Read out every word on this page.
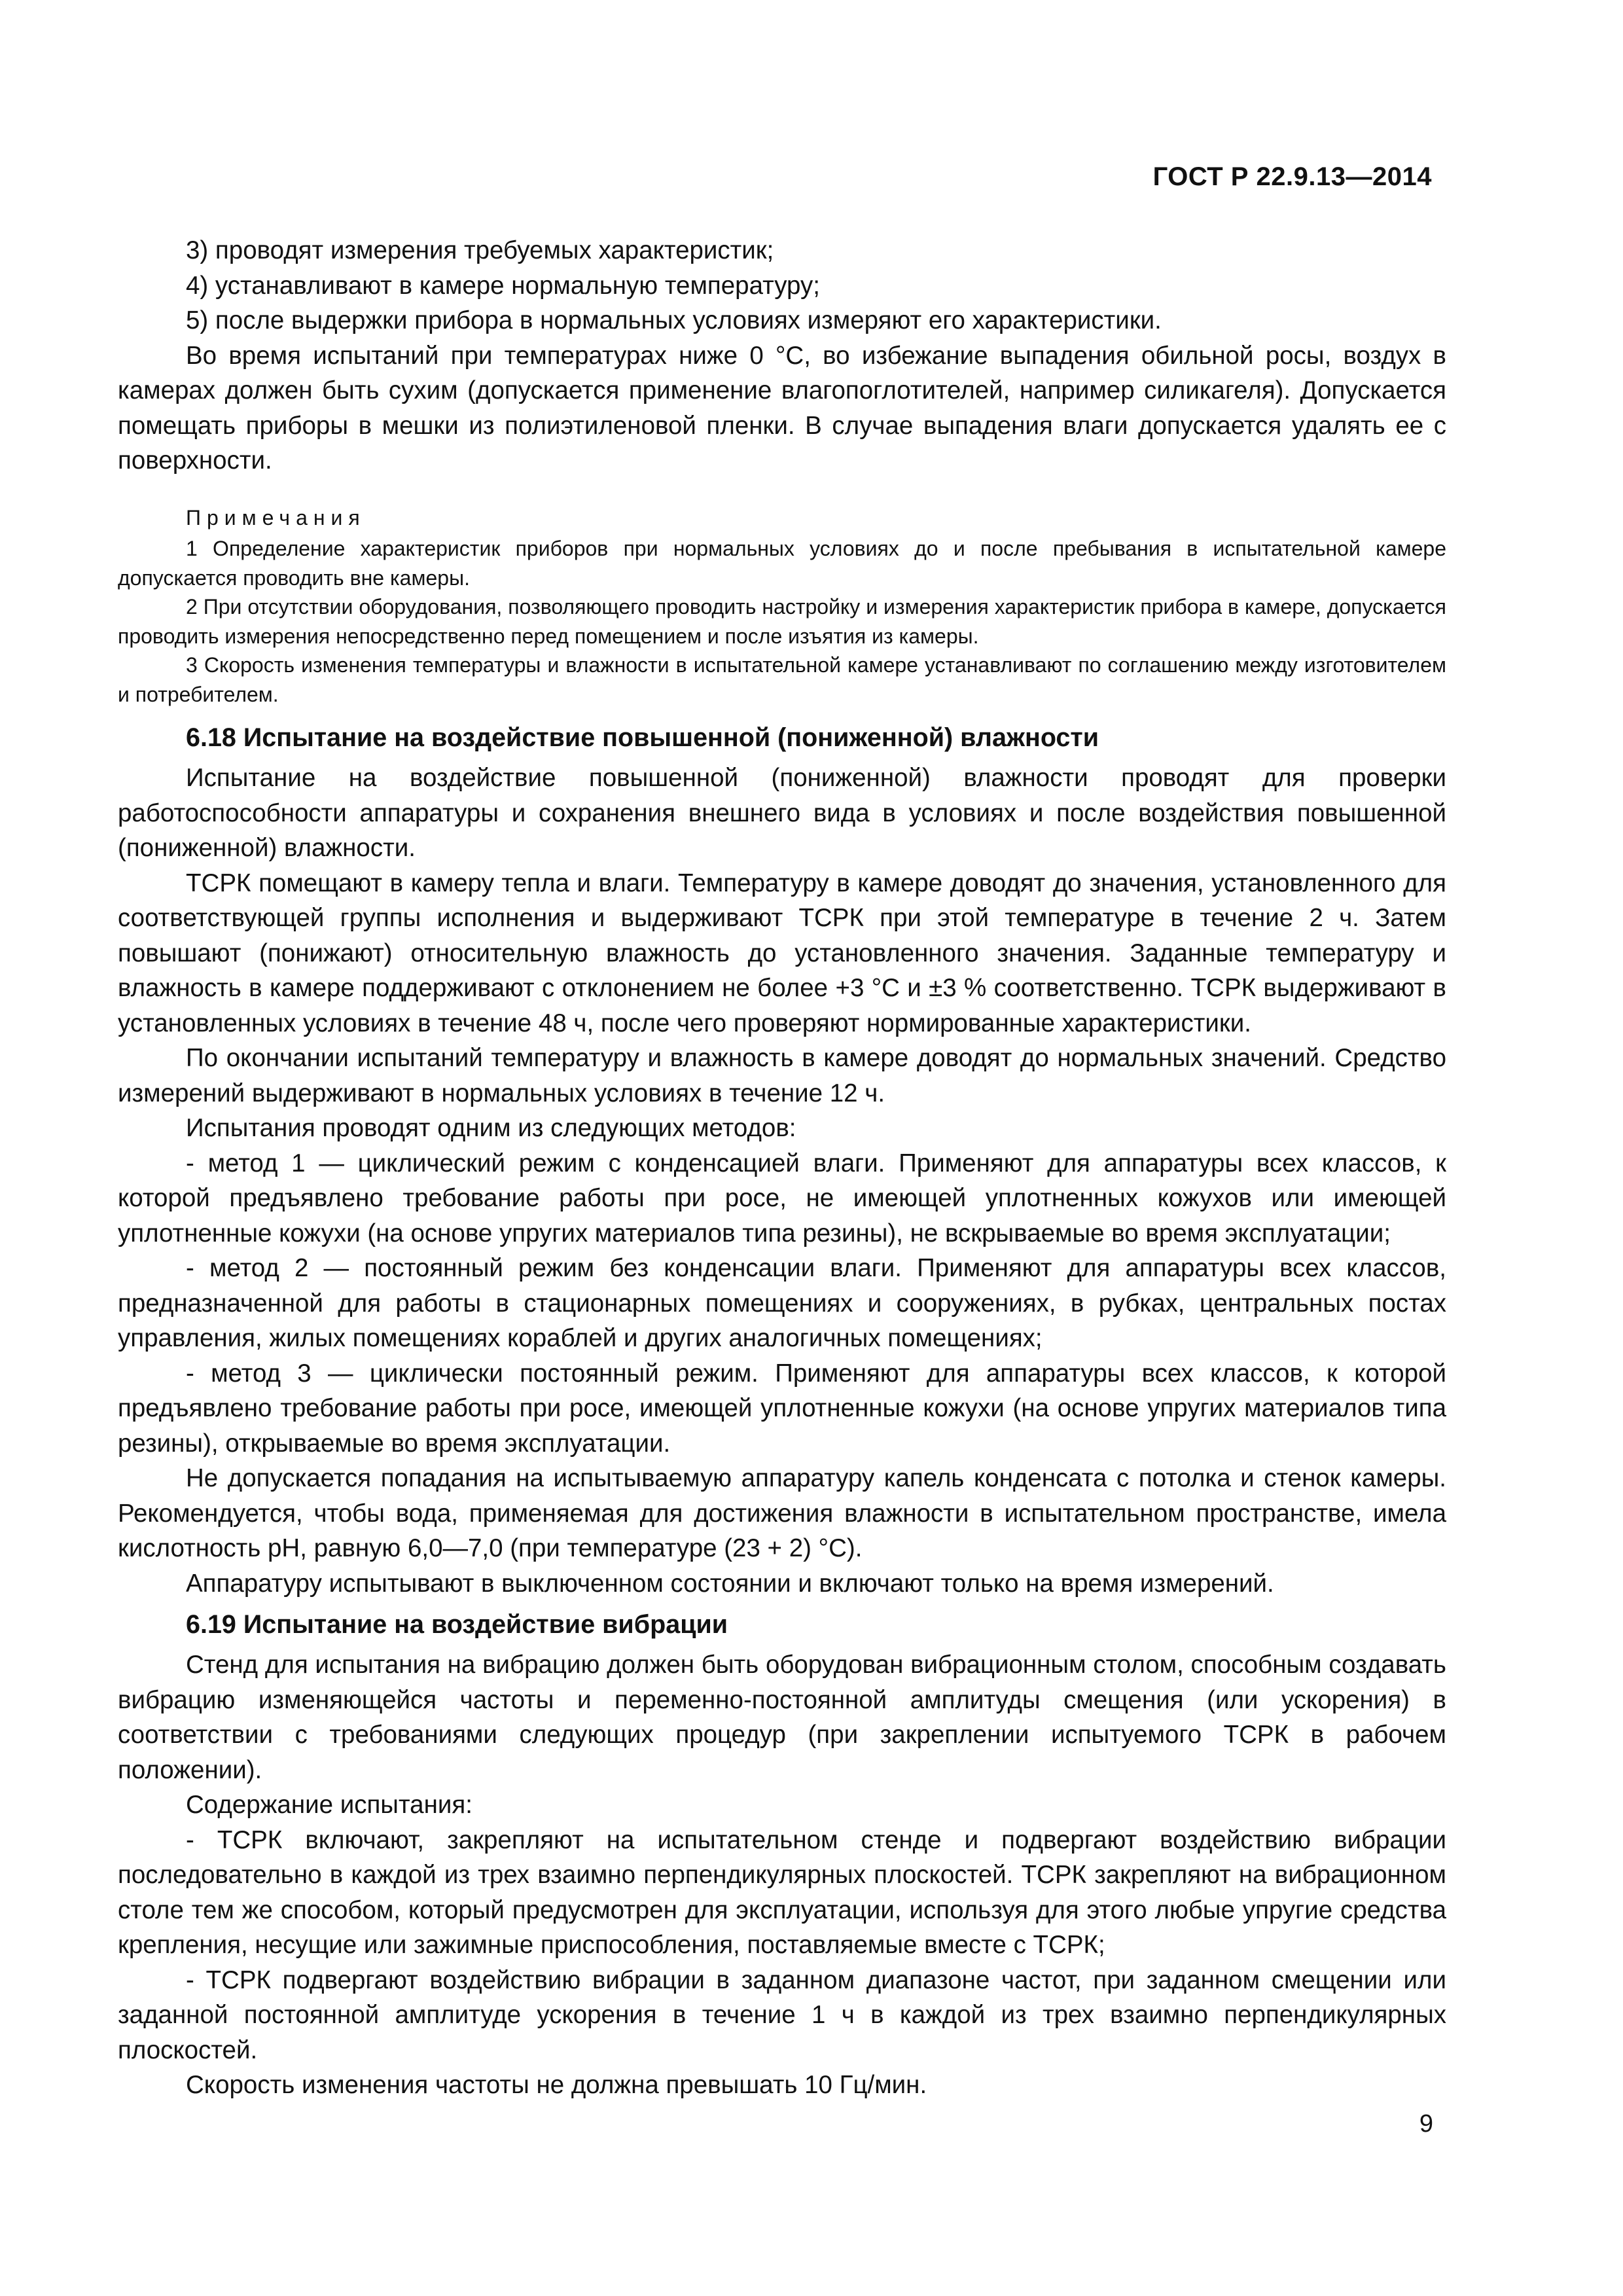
ГОСТ Р 22.9.13—2014

3) проводят измерения требуемых характеристик;

4) устанавливают в камере нормальную температуру;

5) после выдержки прибора в нормальных условиях измеряют его характеристики.

Во время испытаний при температурах ниже 0 °С, во избежание выпадения обильной росы, воздух в камерах должен быть сухим (допускается применение влагопоглотителей, например силикагеля). Допускается помещать приборы в мешки из полиэтиленовой пленки. В случае выпадения влаги допускается удалять ее с поверхности.

Примечания

1 Определение характеристик приборов при нормальных условиях до и после пребывания в испытательной камере допускается проводить вне камеры.

2 При отсутствии оборудования, позволяющего проводить настройку и измерения характеристик прибора в камере, допускается проводить измерения непосредственно перед помещением и после изъятия из камеры.

3 Скорость изменения температуры и влажности в испытательной камере устанавливают по соглашению между изготовителем и потребителем.

6.18 Испытание на воздействие повышенной (пониженной) влажности

Испытание на воздействие повышенной (пониженной) влажности проводят для проверки работоспособности аппаратуры и сохранения внешнего вида в условиях и после воздействия повышенной (пониженной) влажности.

ТСРК помещают в камеру тепла и влаги. Температуру в камере доводят до значения, установленного для соответствующей группы исполнения и выдерживают ТСРК при этой температуре в течение 2 ч. Затем повышают (понижают) относительную влажность до установленного значения. Заданные температуру и влажность в камере поддерживают с отклонением не более +3 °С и ±3 % соответственно. ТСРК выдерживают в установленных условиях в течение 48 ч, после чего проверяют нормированные характеристики.

По окончании испытаний температуру и влажность в камере доводят до нормальных значений. Средство измерений выдерживают в нормальных условиях в течение 12 ч.

Испытания проводят одним из следующих методов:

- метод 1 — циклический режим с конденсацией влаги. Применяют для аппаратуры всех классов, к которой предъявлено требование работы при росе, не имеющей уплотненных кожухов или имеющей уплотненные кожухи (на основе упругих материалов типа резины), не вскрываемые во время эксплуатации;

- метод 2 — постоянный режим без конденсации влаги. Применяют для аппаратуры всех классов, предназначенной для работы в стационарных помещениях и сооружениях, в рубках, центральных постах управления, жилых помещениях кораблей и других аналогичных помещениях;

- метод 3 — циклически постоянный режим. Применяют для аппаратуры всех классов, к которой предъявлено требование работы при росе, имеющей уплотненные кожухи (на основе упругих материалов типа резины), открываемые во время эксплуатации.

Не допускается попадания на испытываемую аппаратуру капель конденсата с потолка и стенок камеры. Рекомендуется, чтобы вода, применяемая для достижения влажности в испытательном пространстве, имела кислотность pH, равную 6,0—7,0 (при температуре (23 + 2) °С).

Аппаратуру испытывают в выключенном состоянии и включают только на время измерений.

6.19 Испытание на воздействие вибрации

Стенд для испытания на вибрацию должен быть оборудован вибрационным столом, способным создавать вибрацию изменяющейся частоты и переменно-постоянной амплитуды смещения (или ускорения) в соответствии с требованиями следующих процедур (при закреплении испытуемого ТСРК в рабочем положении).

Содержание испытания:

- ТСРК включают, закрепляют на испытательном стенде и подвергают воздействию вибрации последовательно в каждой из трех взаимно перпендикулярных плоскостей. ТСРК закрепляют на вибрационном столе тем же способом, который предусмотрен для эксплуатации, используя для этого любые упругие средства крепления, несущие или зажимные приспособления, поставляемые вместе с ТСРК;

- ТСРК подвергают воздействию вибрации в заданном диапазоне частот, при заданном смещении или заданной постоянной амплитуде ускорения в течение 1 ч в каждой из трех взаимно перпендикулярных плоскостей.

Скорость изменения частоты не должна превышать 10 Гц/мин.

9
